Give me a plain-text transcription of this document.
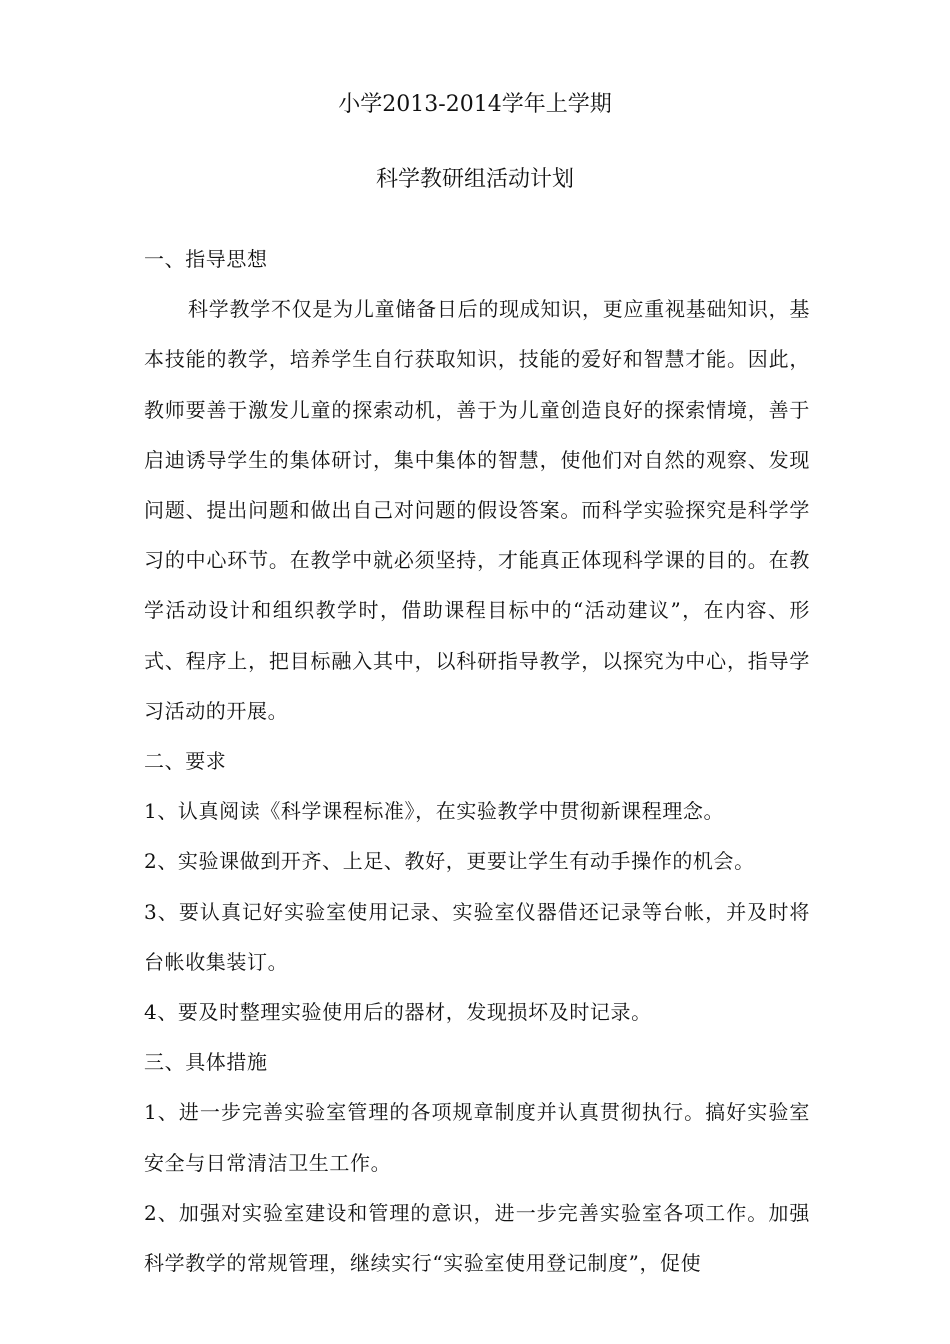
小学2013-2014学年上学期
科学教研组活动计划

一、指导思想

科学教学不仅是为儿童储备日后的现成知识，更应重视基础知识，基本技能的教学，培养学生自行获取知识，技能的爱好和智慧才能。因此，教师要善于激发儿童的探索动机，善于为儿童创造良好的探索情境，善于启迪诱导学生的集体研讨，集中集体的智慧，使他们对自然的观察、发现问题、提出问题和做出自己对问题的假设答案。而科学实验探究是科学学习的中心环节。在教学中就必须坚持，才能真正体现科学课的目的。在教学活动设计和组织教学时，借助课程目标中的“活动建议”，在内容、形式、程序上，把目标融入其中，以科研指导教学，以探究为中心，指导学习活动的开展。

二、要求

1、认真阅读《科学课程标准》，在实验教学中贯彻新课程理念。

2、实验课做到开齐、上足、教好，更要让学生有动手操作的机会。

3、要认真记好实验室使用记录、实验室仪器借还记录等台帐，并及时将台帐收集装订。

4、要及时整理实验使用后的器材，发现损坏及时记录。

三、具体措施

1、进一步完善实验室管理的各项规章制度并认真贯彻执行。搞好实验室安全与日常清洁卫生工作。

2、加强对实验室建设和管理的意识，进一步完善实验室各项工作。加强科学教学的常规管理，继续实行“实验室使用登记制度”，促使
